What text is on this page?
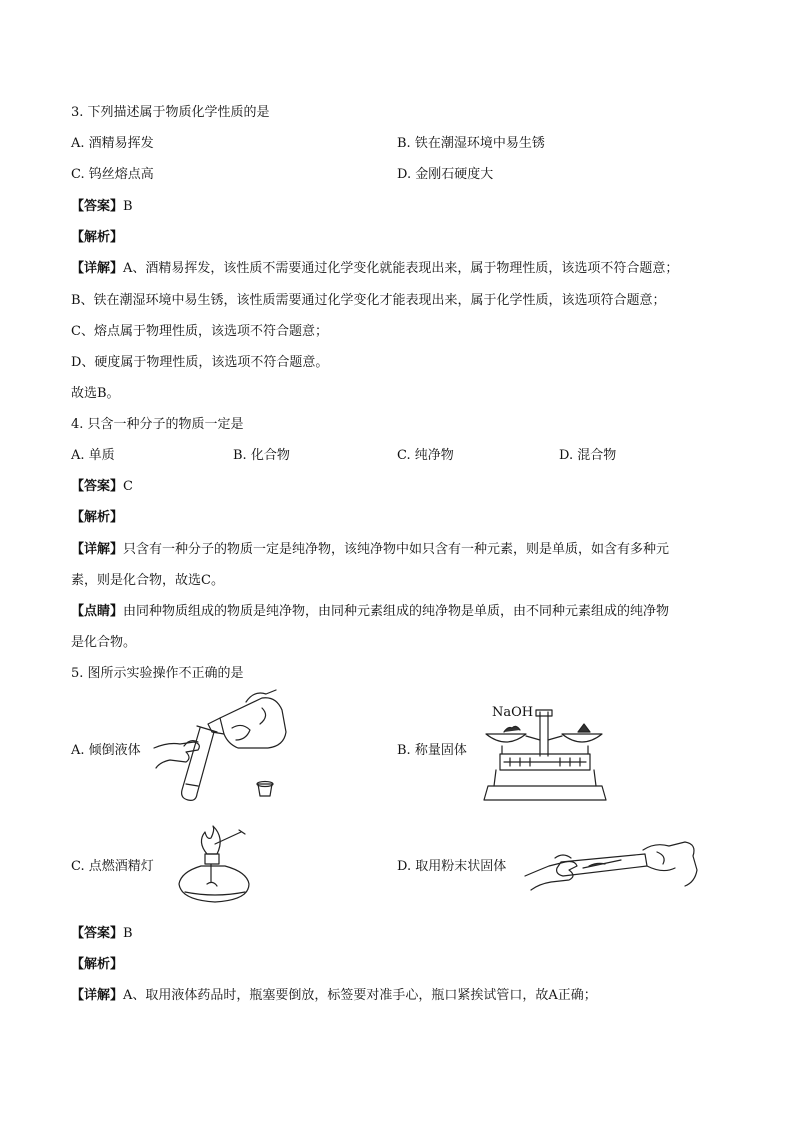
3. 下列描述属于物质化学性质的是
A. 酒精易挥发	B. 铁在潮湿环境中易生锈
C. 钨丝熔点高	D. 金刚石硬度大
【答案】B
【解析】
【详解】A、酒精易挥发，该性质不需要通过化学变化就能表现出来，属于物理性质，该选项不符合题意；
B、铁在潮湿环境中易生锈，该性质需要通过化学变化才能表现出来，属于化学性质，该选项符合题意；
C、熔点属于物理性质，该选项不符合题意；
D、硬度属于物理性质，该选项不符合题意。
故选B。
4. 只含一种分子的物质一定是
A. 单质	B. 化合物	C. 纯净物	D. 混合物
【答案】C
【解析】
【详解】只含有一种分子的物质一定是纯净物，该纯净物中如只含有一种元素，则是单质，如含有多种元
素，则是化合物，故选C。
【点睛】由同种物质组成的物质是纯净物，由同种元素组成的纯净物是单质，由不同种元素组成的纯净物
是化合物。
5. 图所示实验操作不正确的是
A. 倾倒液体	B. 称量固体
NaOH
C. 点燃酒精灯	D. 取用粉末状固体
【答案】B
【解析】
【详解】A、取用液体药品时，瓶塞要倒放，标签要对准手心，瓶口紧挨试管口，故A正确；
